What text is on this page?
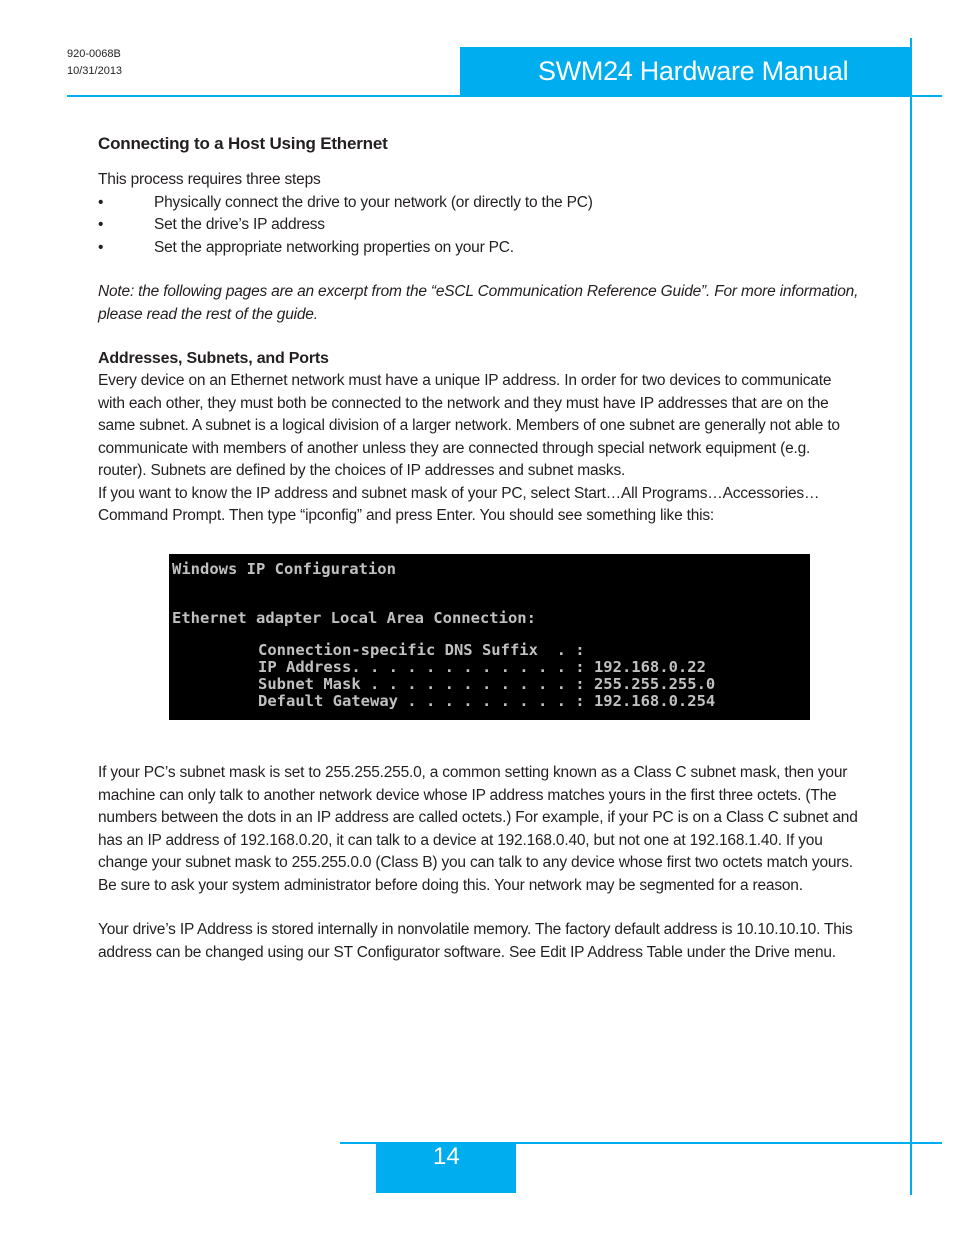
920-0068B
10/31/2013	SWM24 Hardware Manual
Connecting to a Host Using Ethernet

This process requires three steps

•	Physically connect the drive to your network (or directly to the PC)
•	Set the drive’s IP address
•	Set the appropriate networking properties on your PC.

Note: the following pages are an excerpt from the “eSCL Communication Reference Guide”. For more information, please read the rest of the guide.

Addresses, Subnets, and Ports

Every device on an Ethernet network must have a unique IP address. In order for two devices to communicate with each other, they must both be connected to the network and they must have IP addresses that are on the same subnet. A subnet is a logical division of a larger network. Members of one subnet are generally not able to communicate with members of another unless they are connected through special network equipment (e.g. router). Subnets are defined by the choices of IP addresses and subnet masks.

If you want to know the IP address and subnet mask of your PC, select Start…All Programs…Accessories…Command Prompt. Then type “ipconfig” and press Enter. You should see something like this:

Windows IP Configuration
Ethernet adapter Local Area Connection:
Connection-specific DNS Suffix  . :
IP Address. . . . . . . . . . . . : 192.168.0.22
Subnet Mask . . . . . . . . . . . : 255.255.255.0
Default Gateway . . . . . . . . . : 192.168.0.254

If your PC’s subnet mask is set to 255.255.255.0, a common setting known as a Class C subnet mask, then your machine can only talk to another network device whose IP address matches yours in the first three octets. (The numbers between the dots in an IP address are called octets.) For example, if your PC is on a Class C subnet and has an IP address of 192.168.0.20, it can talk to a device at 192.168.0.40, but not one at 192.168.1.40. If you change your subnet mask to 255.255.0.0 (Class B) you can talk to any device whose first two octets match yours. Be sure to ask your system administrator before doing this. Your network may be segmented for a reason.

Your drive’s IP Address is stored internally in nonvolatile memory. The factory default address is 10.10.10.10. This address can be changed using our ST Configurator software. See Edit IP Address Table under the Drive menu.

14
